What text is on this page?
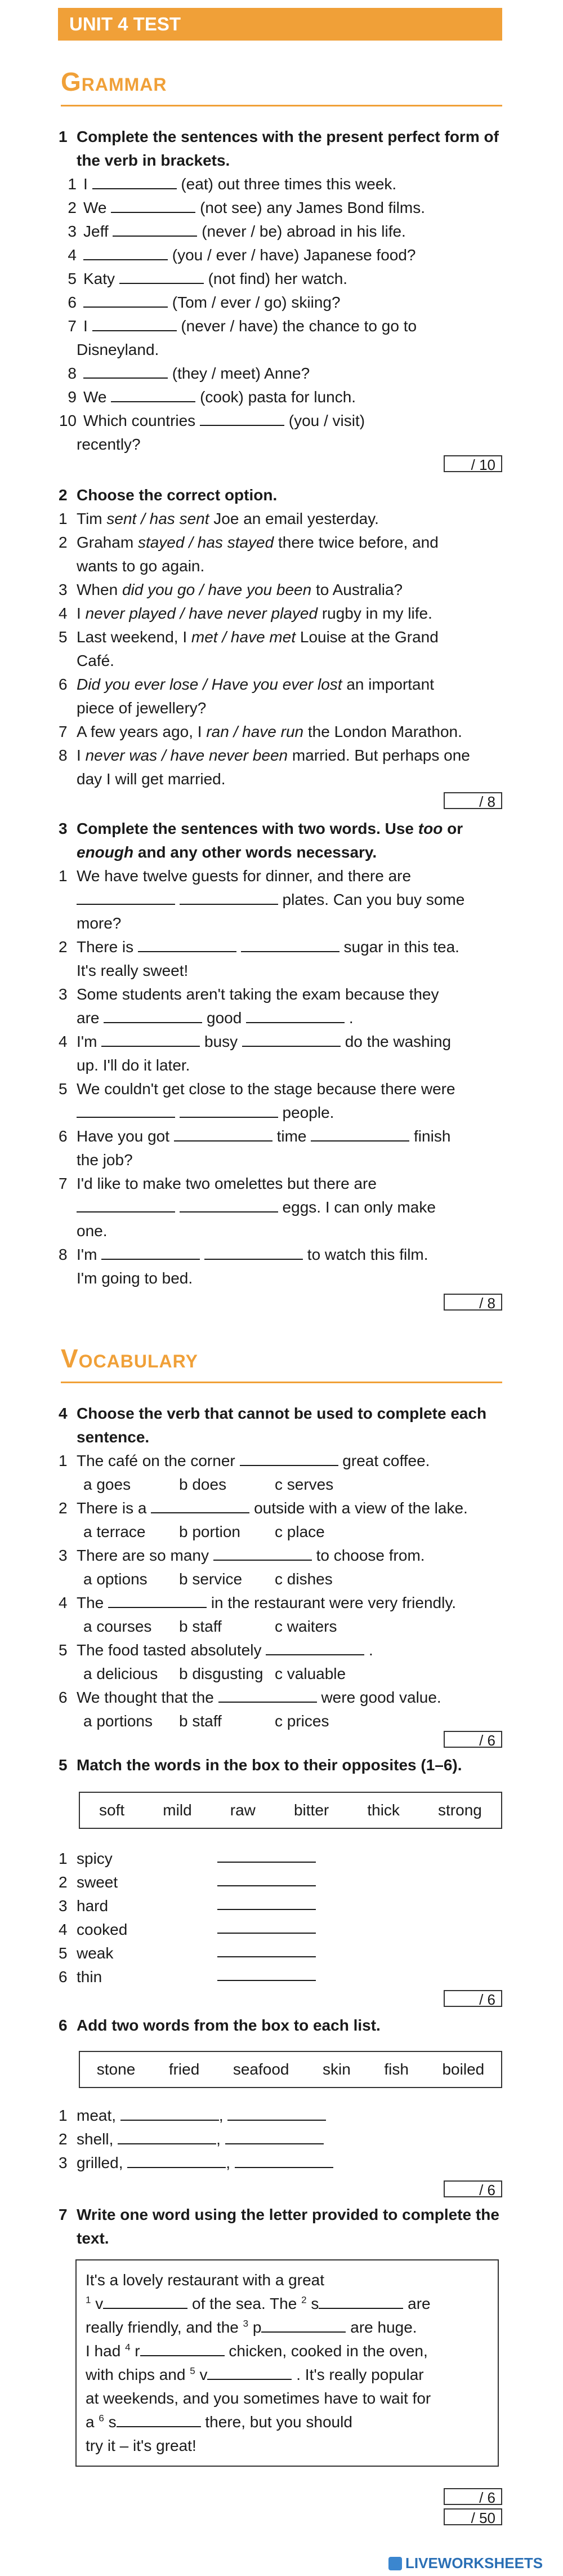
UNIT 4 TEST
Grammar
1 Complete the sentences with the present perfect form of the verb in brackets.
1 I	(eat) out three times this week.
2 We	(not see) any James Bond films.
3 Jeff	(never / be) abroad in his life.
4	(you / ever / have) Japanese food?
5 Katy	(not find) her watch.
6	(Tom / ever / go) skiing?
7 I	(never / have) the chance to go to
Disneyland.
8	(they / meet) Anne?
9 We	(cook) pasta for lunch.
10 Which countries	(you / visit)
recently?
/ 10
2 Choose the correct option.
1 Tim sent / has sent Joe an email yesterday.
2 Graham stayed / has stayed there twice before, and
wants to go again.
3 When did you go / have you been to Australia?
4 I never played / have never played rugby in my life.
5 Last weekend, I met / have met Louise at the Grand
Café.
6 Did you ever lose / Have you ever lost an important
piece of jewellery?
7 A few years ago, I ran / have run the London Marathon.
8 I never was / have never been married. But perhaps one
day I will get married.
/ 8
3 Complete the sentences with two words. Use too or
enough and any other words necessary.
1 We have twelve guests for dinner, and there are
plates. Can you buy some
more?
2 There is	sugar in this tea.
It's really sweet!
3 Some students aren't taking the exam because they
are	good	.
4 I'm	busy	do the washing
up. I'll do it later.
5 We couldn't get close to the stage because there were
people.
6 Have you got	time	finish
the job?
7 I'd like to make two omelettes but there are
eggs. I can only make
one.
8 I'm	to watch this film.
I'm going to bed.
/ 8
Vocabulary
4 Choose the verb that cannot be used to complete each sentence.
1 The café on the corner	great coffee.
a goes	b does	c serves
2 There is a	outside with a view of the lake.
a terrace	b portion	c place
3 There are so many	to choose from.
a options	b service	c dishes
4 The	in the restaurant were very friendly.
a courses	b staff	c waiters
5 The food tasted absolutely	.
a delicious	b disgusting c valuable
6 We thought that the	were good value.
a portions	b staff	c prices
/ 6
5 Match the words in the box to their opposites (1–6).
soft mild raw bitter thick strong
1 spicy
2 sweet
3 hard
4 cooked
5 weak
6 thin
/ 6
6 Add two words from the box to each list.
stone fried seafood skin fish boiled
1 meat,	,
2 shell,	,
3 grilled,	,
/ 6
7 Write one word using the letter provided to complete the text.
It's a lovely restaurant with a great
$^1$ v	of the sea. The $^2$ s	are
really friendly, and the $^3$ p	are huge.
I had $^4$ r	chicken, cooked in the oven,
with chips and $^5$ v	. It's really popular
at weekends, and you sometimes have to wait for
a $^6$ s	there, but you should
try it – it's great!
/ 6
/ 50
LIVEWORKSHEETS
